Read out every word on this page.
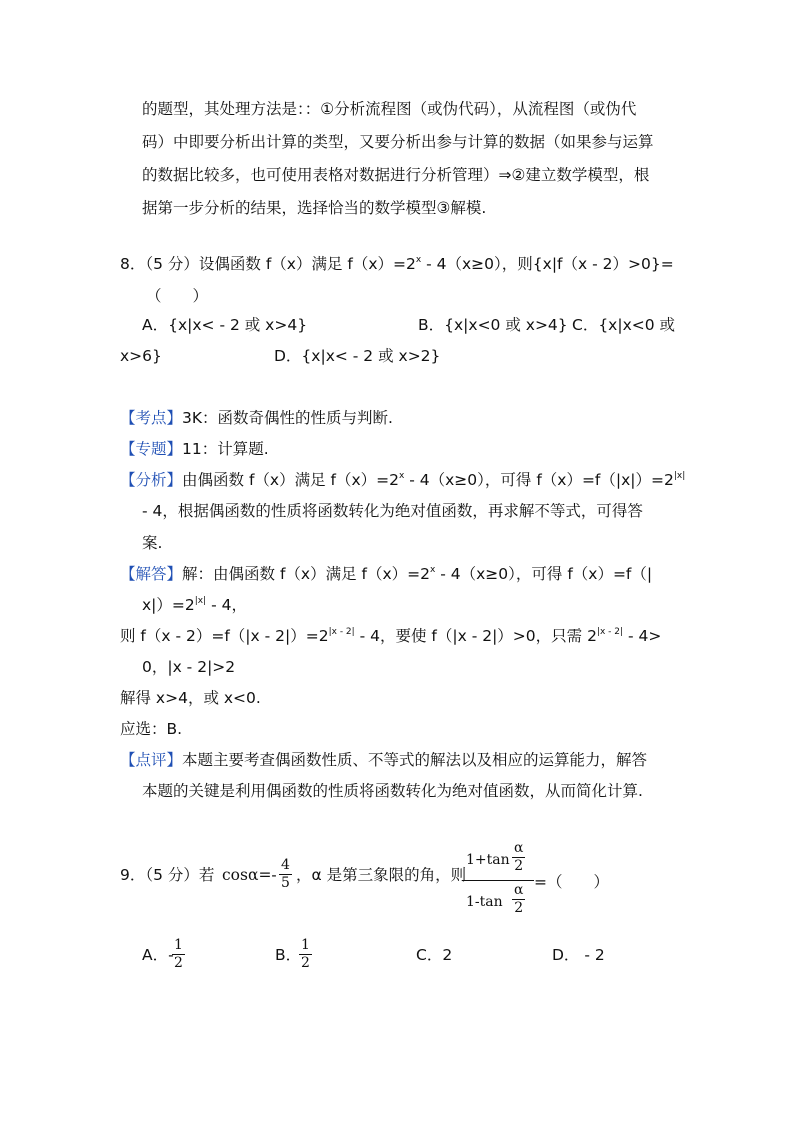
的题型，其处理方法是：：①分析流程图（或伪代码），从流程图（或伪代
码）中即要分析出计算的类型，又要分析出参与计算的数据（如果参与运算
的数据比较多，也可使用表格对数据进行分析管理）⇒②建立数学模型，根
据第一步分析的结果，选择恰当的数学模型③解模.
8．（5 分）设偶函数 f（x）满足 $f(x)=2^x - 4(x\ge 0)$，则{x|f（x - 2）>0}=
（　　）
A．{x|x< - 2 或 x>4}	B．{x|x<0 或 x>4} C．{x|x<0 或
x>6}	D．{x|x< - 2 或 x>2}
【考点】3K：函数奇偶性的性质与判断.
【专题】11：计算题.
【分析】由偶函数 f（x）满足 $f(x)=2^x - 4(x\ge 0)$，可得 $f(x)=f(|x|)=2^{|x|}$
- 4，根据偶函数的性质将函数转化为绝对值函数，再求解不等式，可得答
案.
【解答】解：由偶函数 f（x）满足 $f(x)=2^x - 4(x\ge 0)$，可得 f（x）=f（|
$x|)=2^{|x|} - 4$，
则 $f(x - 2)=f(|x - 2|)=2^{|x - 2|} - 4$，要使 f（|x - 2|）>0，只需 $2^{|x - 2|} - 4>$
0，|x - 2|>2
解得 x>4，或 x<0.
应选：B.
【点评】本题主要考查偶函数性质、不等式的解法以及相应的运算能力，解答
本题的关键是利用偶函数的性质将函数转化为绝对值函数，从而简化计算.
9．（5 分）若 $\cos\alpha=- \frac{4}{5}$ ，α 是第三象限的角，则
$1+\tan \frac{\alpha}{2}$
$1-\tan \frac{\alpha}{2}$ =（　　）
A．-
$\frac{1}{2}$	B．
$\frac{1}{2}$	C．2	D． - 2
